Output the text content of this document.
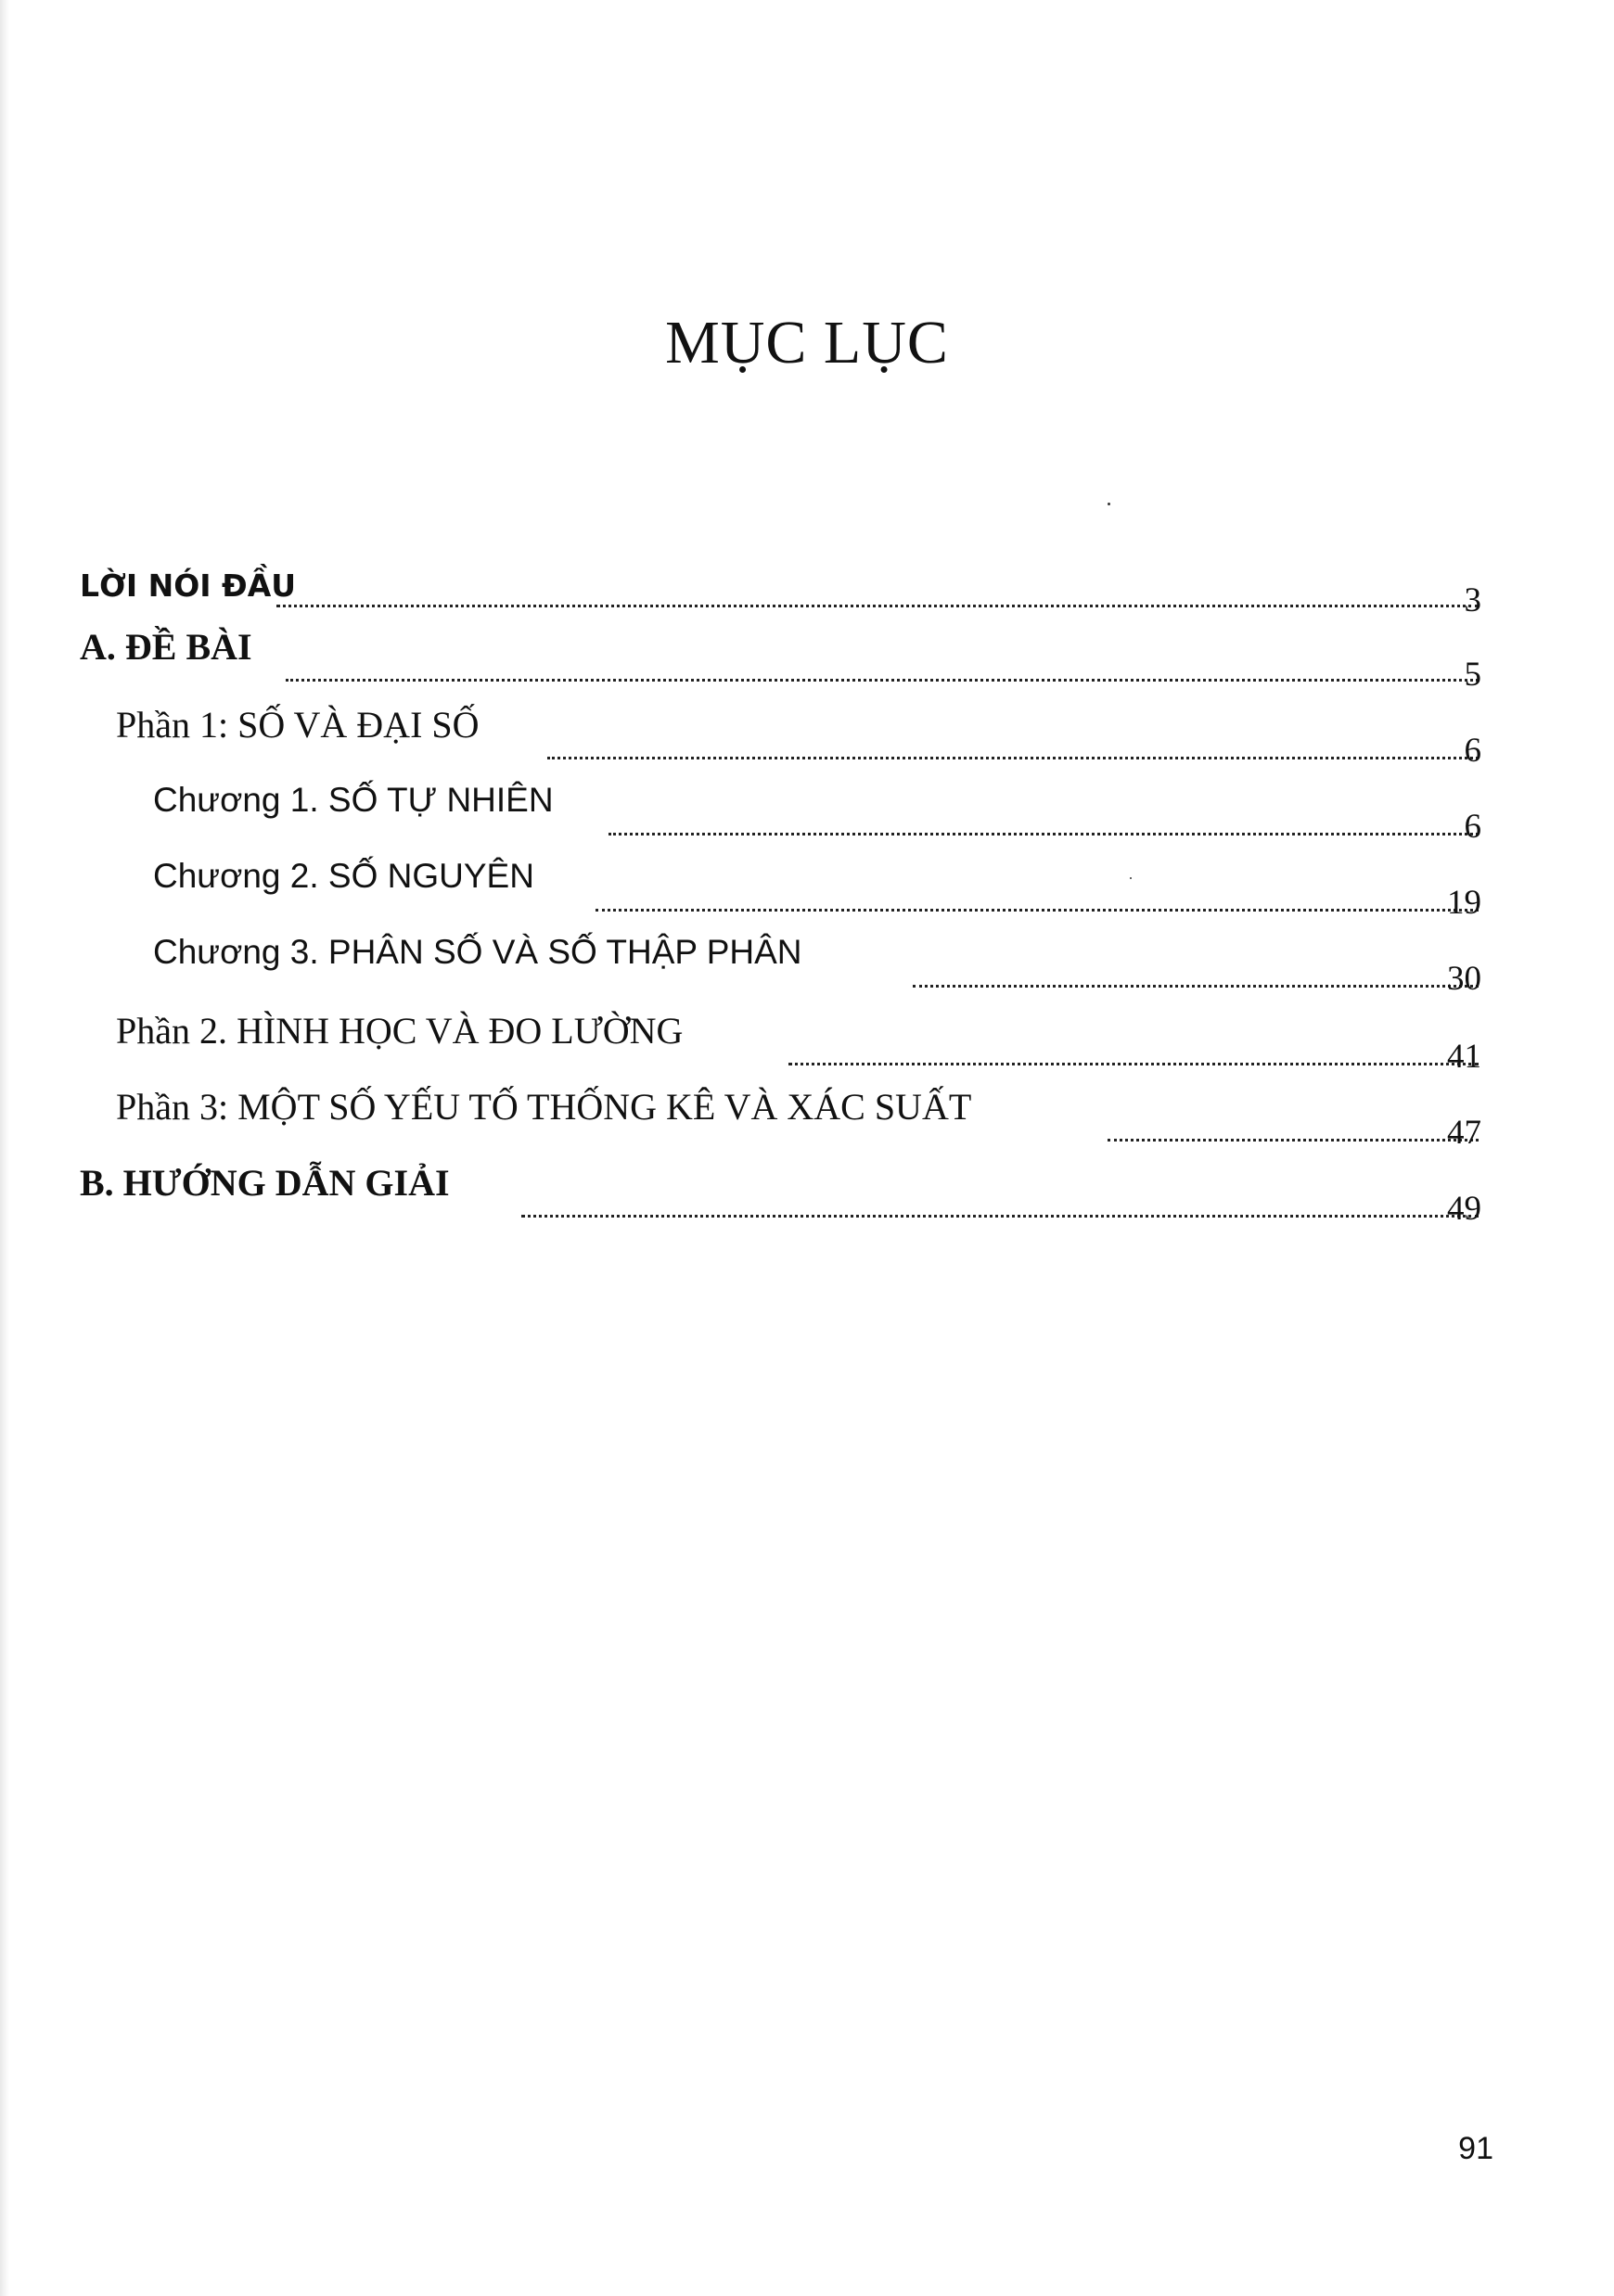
MỤC LỤC
LỜI NÓI ĐẦU	3
A. ĐỀ BÀI
5
Phần 1: SỐ VÀ ĐẠI SỐ
6
Chương 1. SỐ TỰ NHIÊN
6
Chương 2. SỐ NGUYÊN
19
Chương 3. PHÂN SỐ VÀ SỐ THẬP PHÂN
30
Phần 2. HÌNH HỌC VÀ ĐO LƯỜNG
41
Phần 3: MỘT SỐ YẾU TỐ THỐNG KÊ VÀ XÁC SUẤT
47
B. HƯỚNG DẪN GIẢI
49
91
